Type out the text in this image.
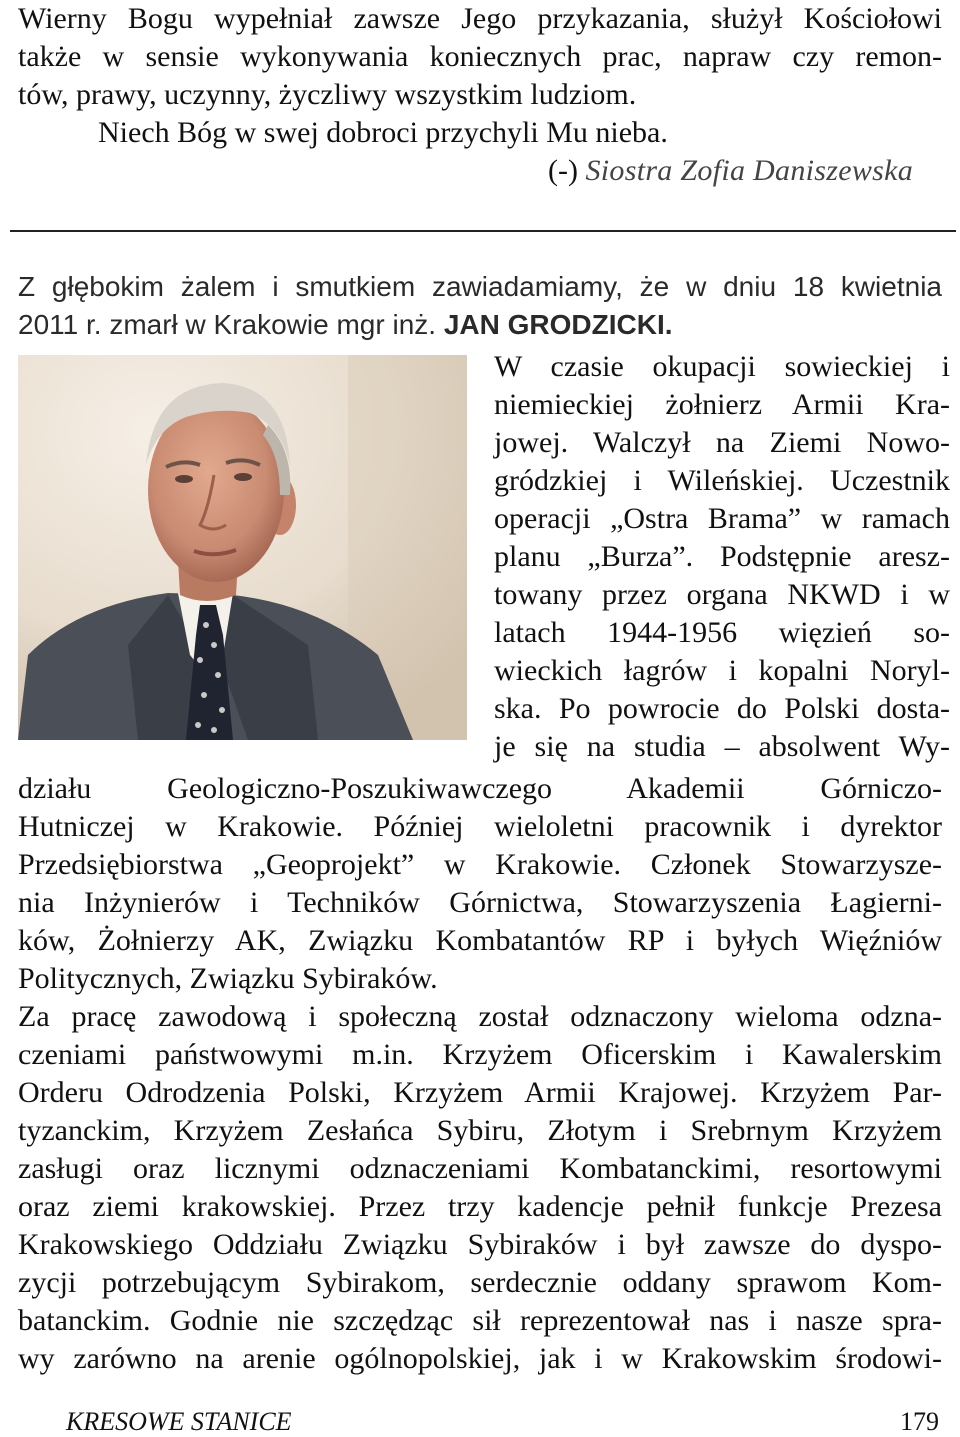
Wierny Bogu wypełniał zawsze Jego przykazania, służył Kościołowi
także w sensie wykonywania koniecznych prac, napraw czy remon-
tów, prawy, uczynny, życzliwy wszystkim ludziom.
Niech Bóg w swej dobroci przychyli Mu nieba.
(-) Siostra Zofia Daniszewska
Z głębokim żalem i smutkiem zawiadamiamy, że w dniu 18 kwietnia
2011 r. zmarł w Krakowie mgr inż. JAN GRODZICKI.
W czasie okupacji sowieckiej i
niemieckiej żołnierz Armii Kra-
jowej. Walczył na Ziemi Nowo-
gródzkiej i Wileńskiej. Uczestnik
operacji „Ostra Brama” w ramach
planu „Burza”. Podstępnie aresz-
towany przez organa NKWD i w
latach 1944-1956 więzień so-
wieckich łagrów i kopalni Noryl-
ska. Po powrocie do Polski dosta-
je się na studia – absolwent Wy-
działu Geologiczno-Poszukiwawczego Akademii Górniczo-
Hutniczej w Krakowie. Później wieloletni pracownik i dyrektor
Przedsiębiorstwa „Geoprojekt” w Krakowie. Członek Stowarzysze-
nia Inżynierów i Techników Górnictwa, Stowarzyszenia Łagierni-
ków, Żołnierzy AK, Związku Kombatantów RP i byłych Więźniów
Politycznych, Związku Sybiraków.
Za pracę zawodową i społeczną został odznaczony wieloma odzna-
czeniami państwowymi m.in. Krzyżem Oficerskim i Kawalerskim
Orderu Odrodzenia Polski, Krzyżem Armii Krajowej. Krzyżem Par-
tyzanckim, Krzyżem Zesłańca Sybiru, Złotym i Srebrnym Krzyżem
zasługi oraz licznymi odznaczeniami Kombatanckimi, resortowymi
oraz ziemi krakowskiej. Przez trzy kadencje pełnił funkcje Prezesa
Krakowskiego Oddziału Związku Sybiraków i był zawsze do dyspo-
zycji potrzebującym Sybirakom, serdecznie oddany sprawom Kom-
batanckim. Godnie nie szczędząc sił reprezentował nas i nasze spra-
wy zarówno na arenie ogólnopolskiej, jak i w Krakowskim środowi-
KRESOWE STANICE	179
